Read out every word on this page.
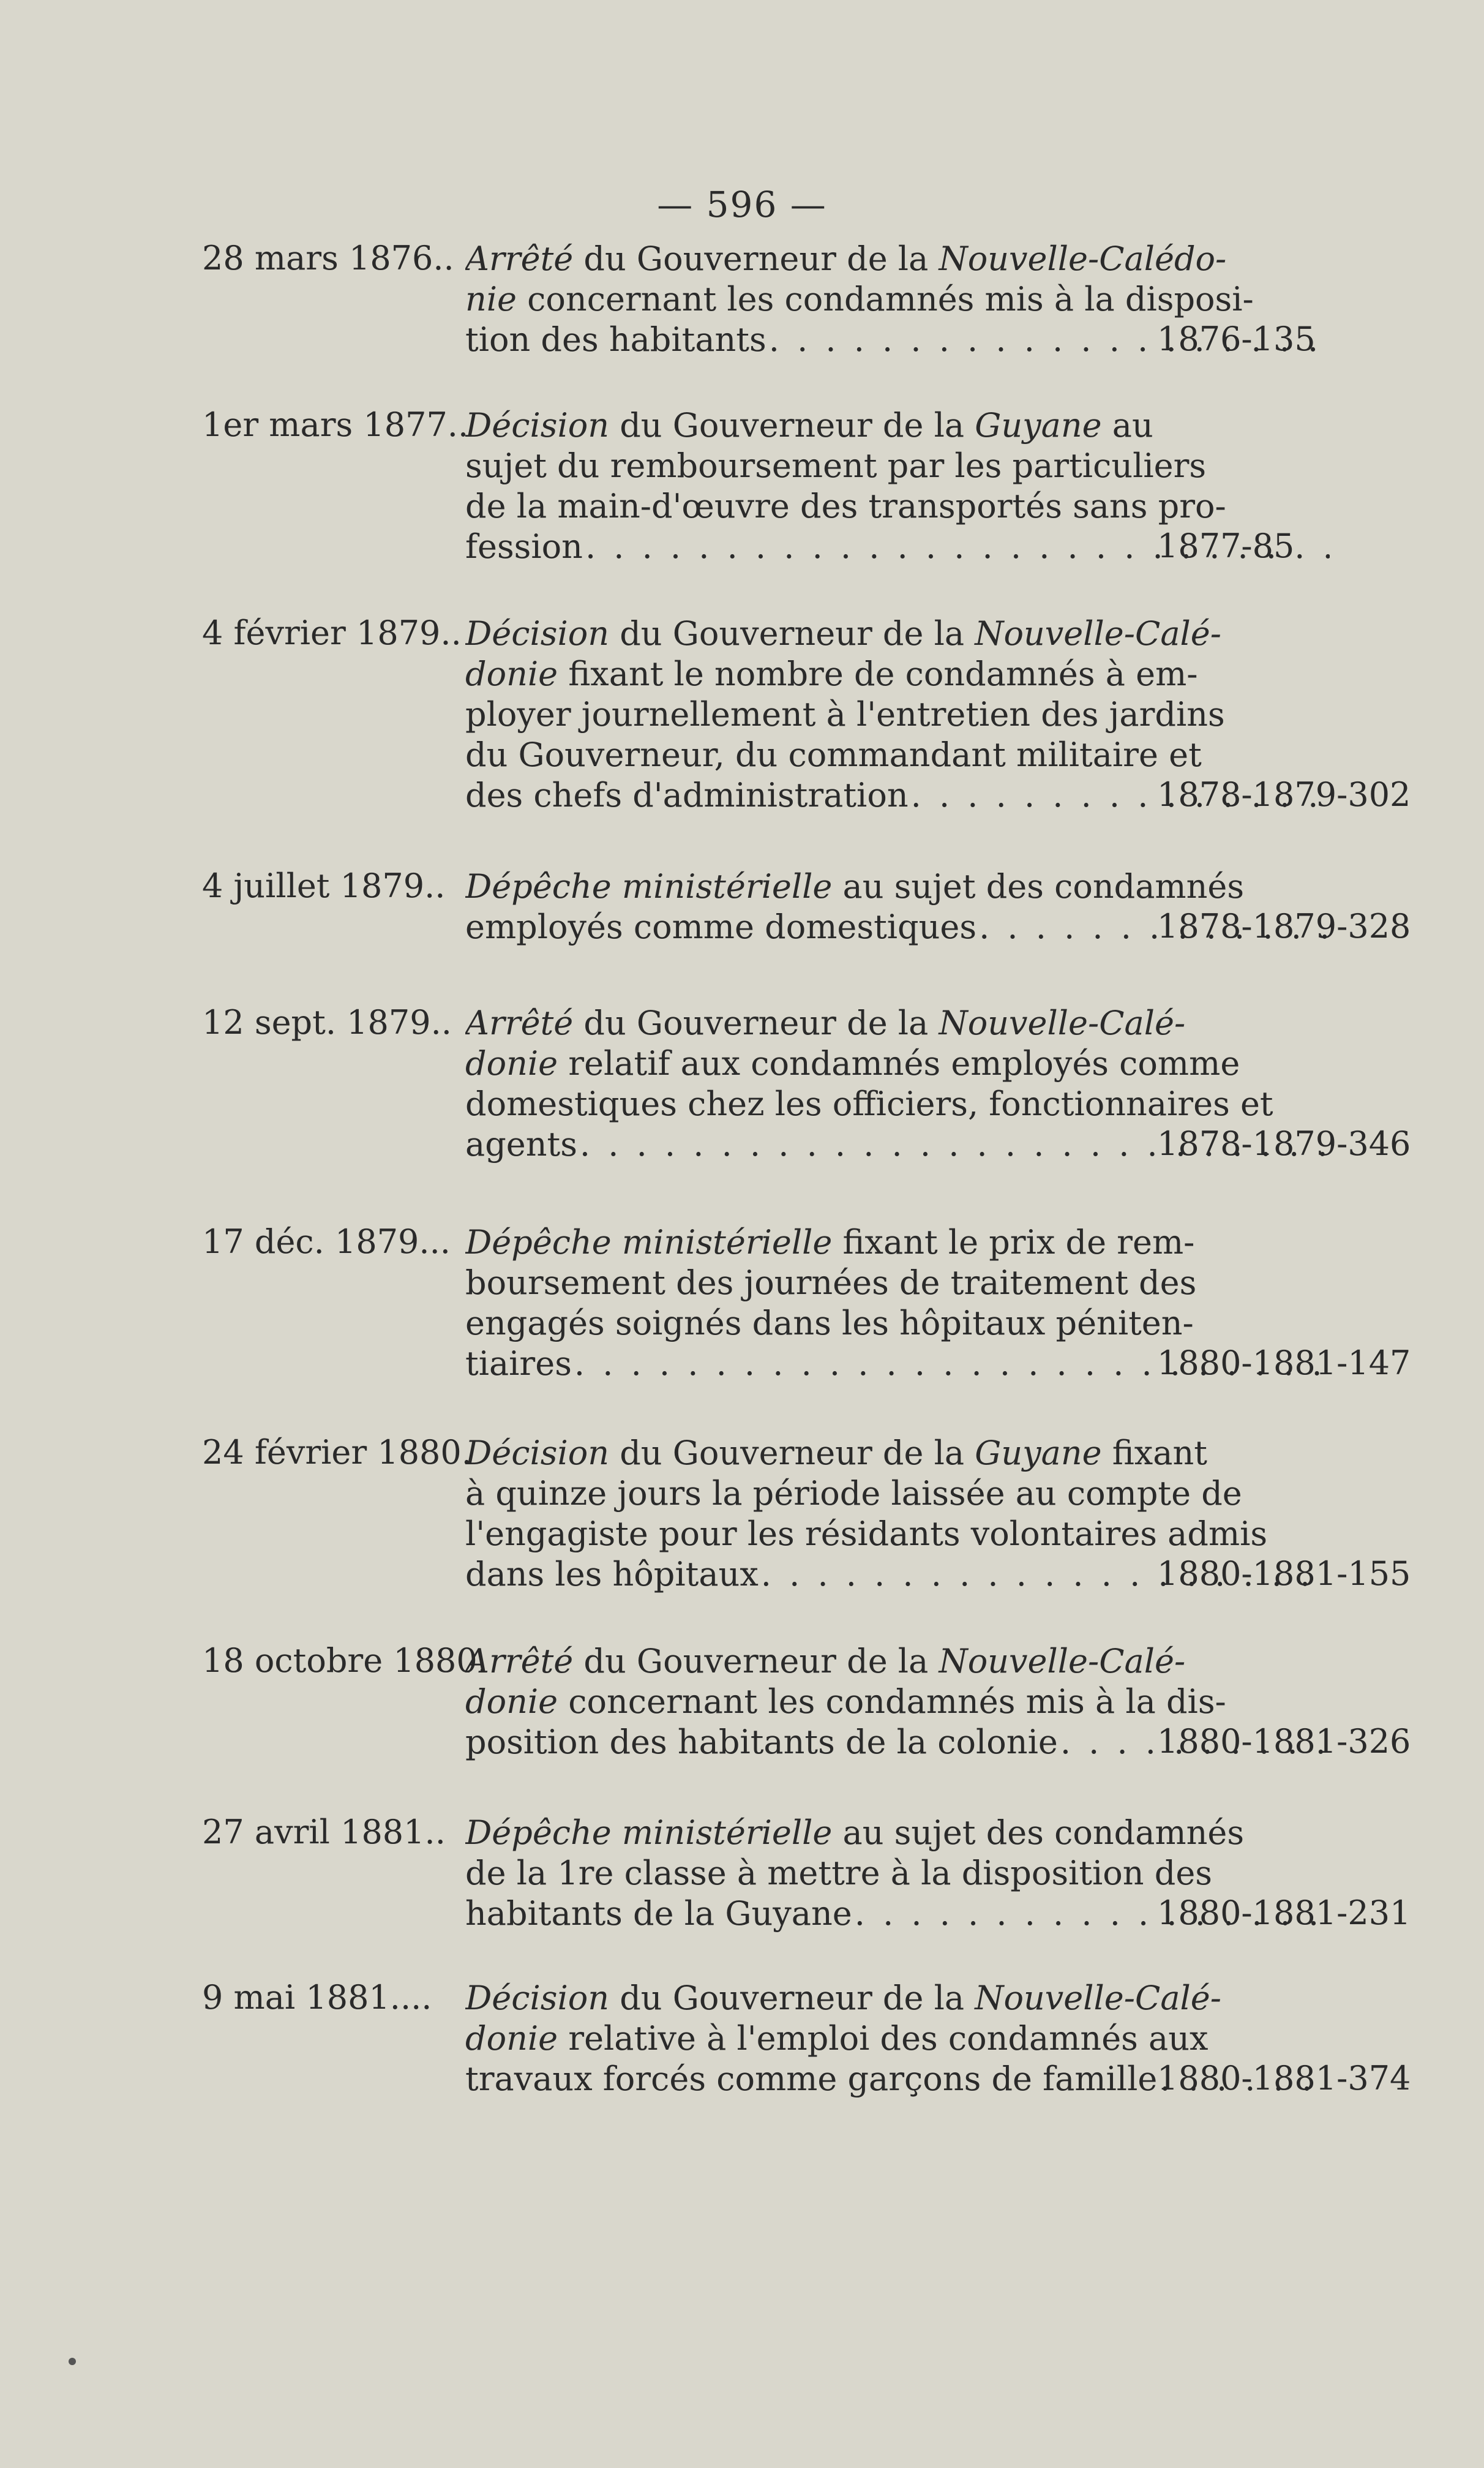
— 596 —
28 mars 1876.. Arrêté du Gouverneur de la Nouvelle-Calédo-
nie concernant les condamnés mis à la disposi-
tion des habitants . . .	1876-135
1er mars 1877..
Décision du Gouverneur de la Guyane au
sujet du remboursement par les particuliers
de la main-d'œuvre des transportés sans pro-
fession . . .	1877-85
4 février 1879.. Décision du Gouverneur de la Nouvelle-Calé-
donie fixant le nombre de condamnés à em-
ployer journellement à l'entretien des jardins
du Gouverneur, du commandant militaire et
des chefs d'administration . . .	1878-1879-302
4 juillet 1879.. Dépêche ministérielle au sujet des condamnés
employés comme domestiques . . .	1878-1879-328
12 sept. 1879.. Arrêté du Gouverneur de la Nouvelle-Calé-
donie relatif aux condamnés employés comme
domestiques chez les officiers, fonctionnaires et
agents . . .	1878-1879-346
17 déc. 1879... Dépêche ministérielle fixant le prix de rem-
boursement des journées de traitement des
engagés soignés dans les hôpitaux péniten-
tiaires . . .	1880-1881-147
24 février 1880.
Décision du Gouverneur de la Guyane fixant
à quinze jours la période laissée au compte de
l'engagiste pour les résidants volontaires admis
dans les hôpitaux . . .	1880-1881-155
18 octobre 1880.
Arrêté du Gouverneur de la Nouvelle-Calé-
donie concernant les condamnés mis à la dis-
position des habitants de la colonie . . .	1880-1881-326
27 avril 1881.. Dépêche ministérielle au sujet des condamnés
de la 1re classe à mettre à la disposition des
habitants de la Guyane . . .	1880-1881-231
9 mai 1881....	Décision du Gouverneur de la Nouvelle-Calé-
donie relative à l'emploi des condamnés aux
travaux forcés comme garçons de famille . . . 1880-1881-374
